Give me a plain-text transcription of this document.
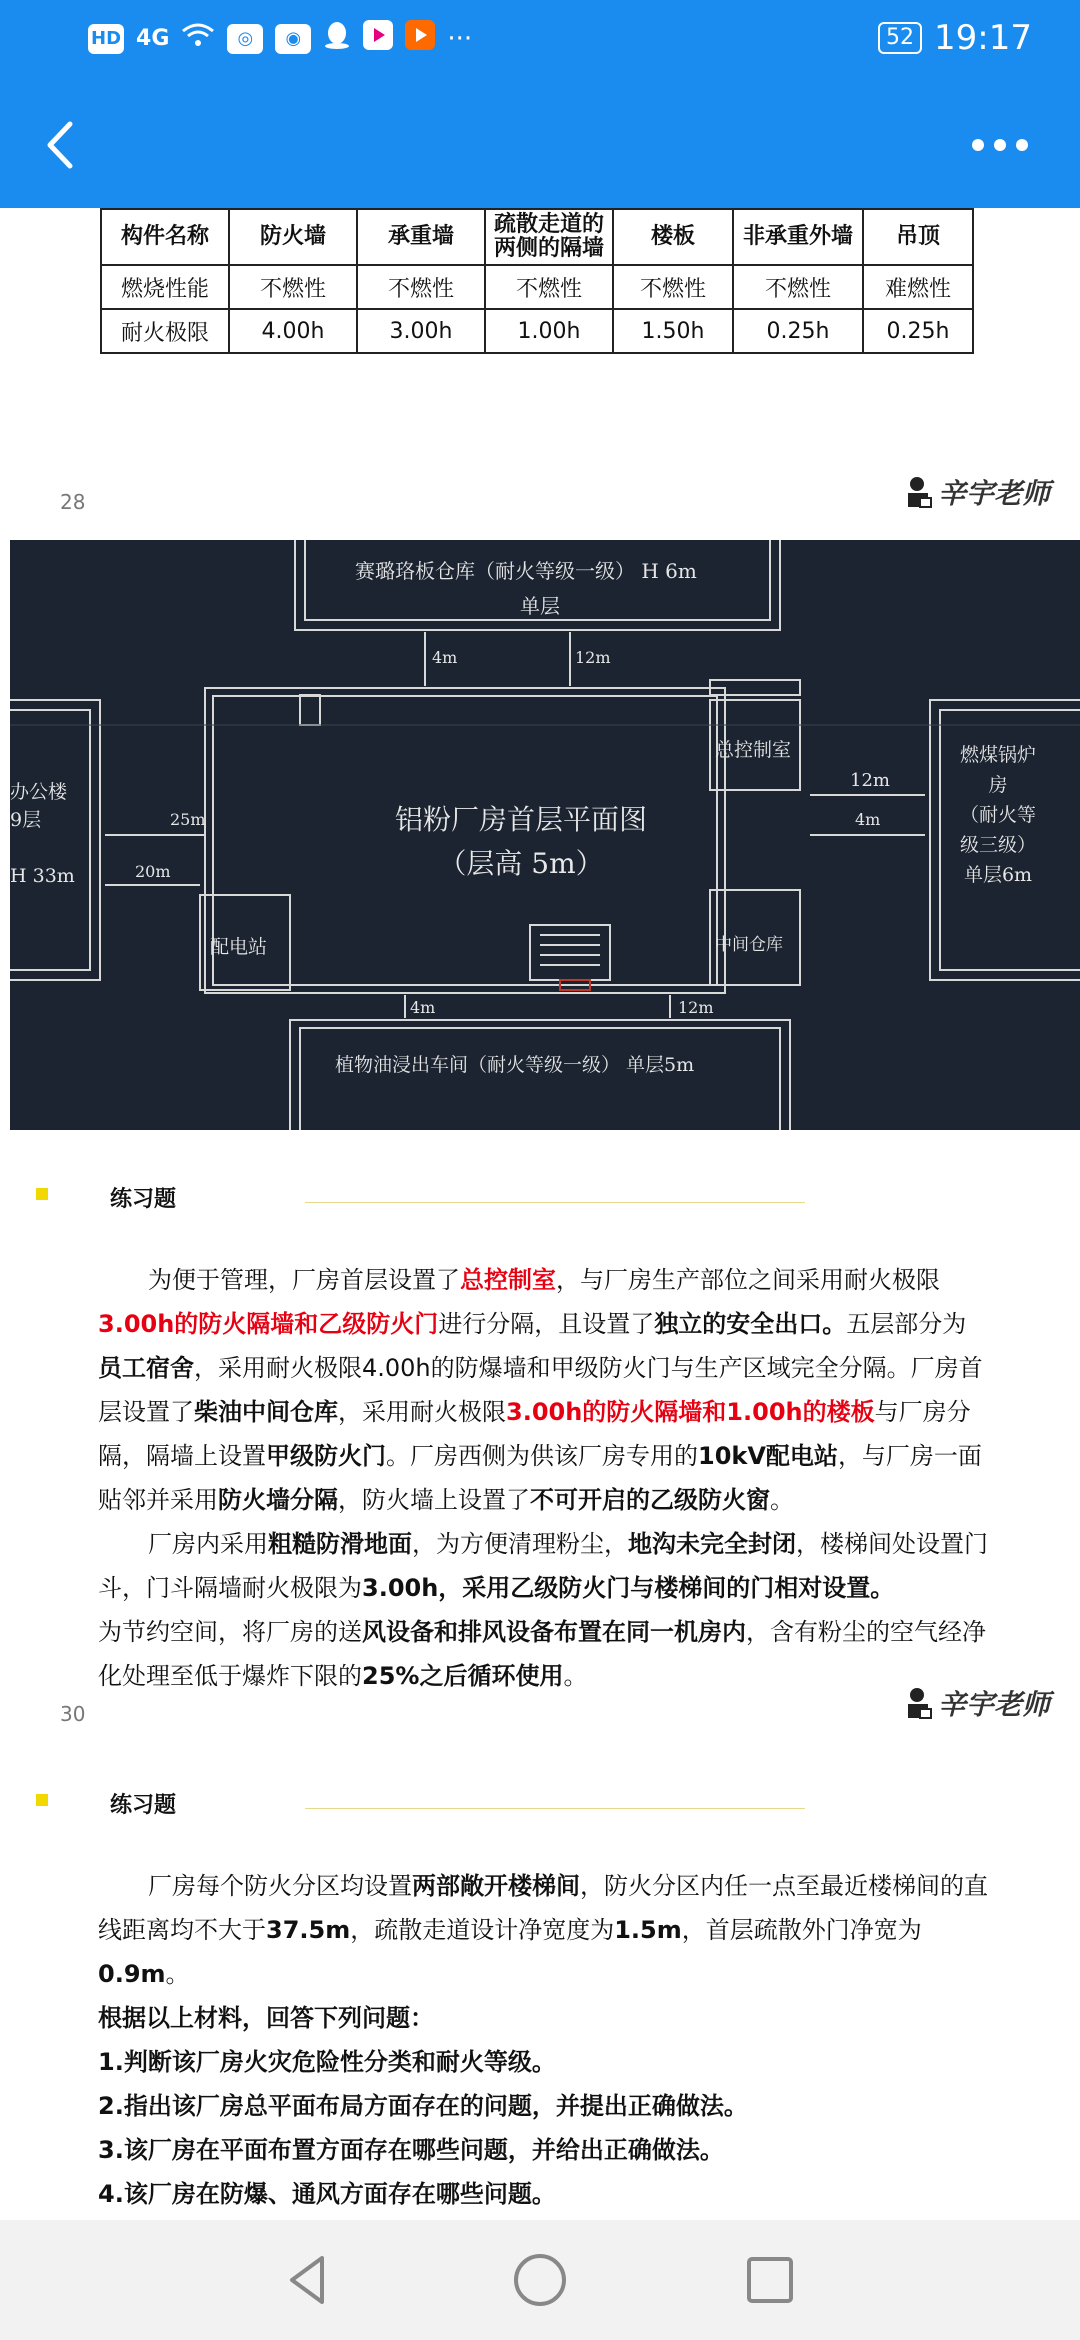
HD 4G	◎	◉	···	52 19:17
构件名称	防火墙	承重墙	疏散走道的两侧的隔墙	楼板	非承重外墙	吊顶
燃烧性能	不燃性	不燃性	不燃性	不燃性	不燃性	难燃性
耐火极限	4.00h	3.00h	1.00h	1.50h	0.25h	0.25h
28	辛宇老师
赛璐珞板仓库（耐火等级一级） H 6m
单层
铝粉厂房首层平面图
（层高 5m）
办公楼
9层
H 33m
燃煤锅炉
房
（耐火等
级三级）
单层6m
总控制室
中间仓库
配电站
植物油浸出车间（耐火等级一级） 单层5m
4m	12m
25m
20m
12m
4m
4m	12m
练习题

为便于管理，厂房首层设置了总控制室，与厂房生产部位之间采用耐火极限3.00h的防火隔墙和乙级防火门进行分隔，且设置了独立的安全出口。五层部分为员工宿舍，采用耐火极限4.00h的防爆墙和甲级防火门与生产区域完全分隔。厂房首层设置了柴油中间仓库，采用耐火极限3.00h的防火隔墙和1.00h的楼板与厂房分隔，隔墙上设置甲级防火门。厂房西侧为供该厂房专用的10kV配电站，与厂房一面贴邻并采用防火墙分隔，防火墙上设置了不可开启的乙级防火窗。

厂房内采用粗糙防滑地面，为方便清理粉尘，地沟未完全封闭，楼梯间处设置门斗，门斗隔墙耐火极限为3.00h，采用乙级防火门与楼梯间的门相对设置。

为节约空间，将厂房的送风设备和排风设备布置在同一机房内，含有粉尘的空气经净化处理至低于爆炸下限的25%之后循环使用。

30	辛宇老师
练习题

厂房每个防火分区均设置两部敞开楼梯间，防火分区内任一点至最近楼梯间的直线距离均不大于37.5m，疏散走道设计净宽度为1.5m，首层疏散外门净宽为0.9m。

根据以上材料，回答下列问题：

1.判断该厂房火灾危险性分类和耐火等级。

2.指出该厂房总平面布局方面存在的问题，并提出正确做法。

3.该厂房在平面布置方面存在哪些问题，并给出正确做法。

4.该厂房在防爆、通风方面存在哪些问题。
